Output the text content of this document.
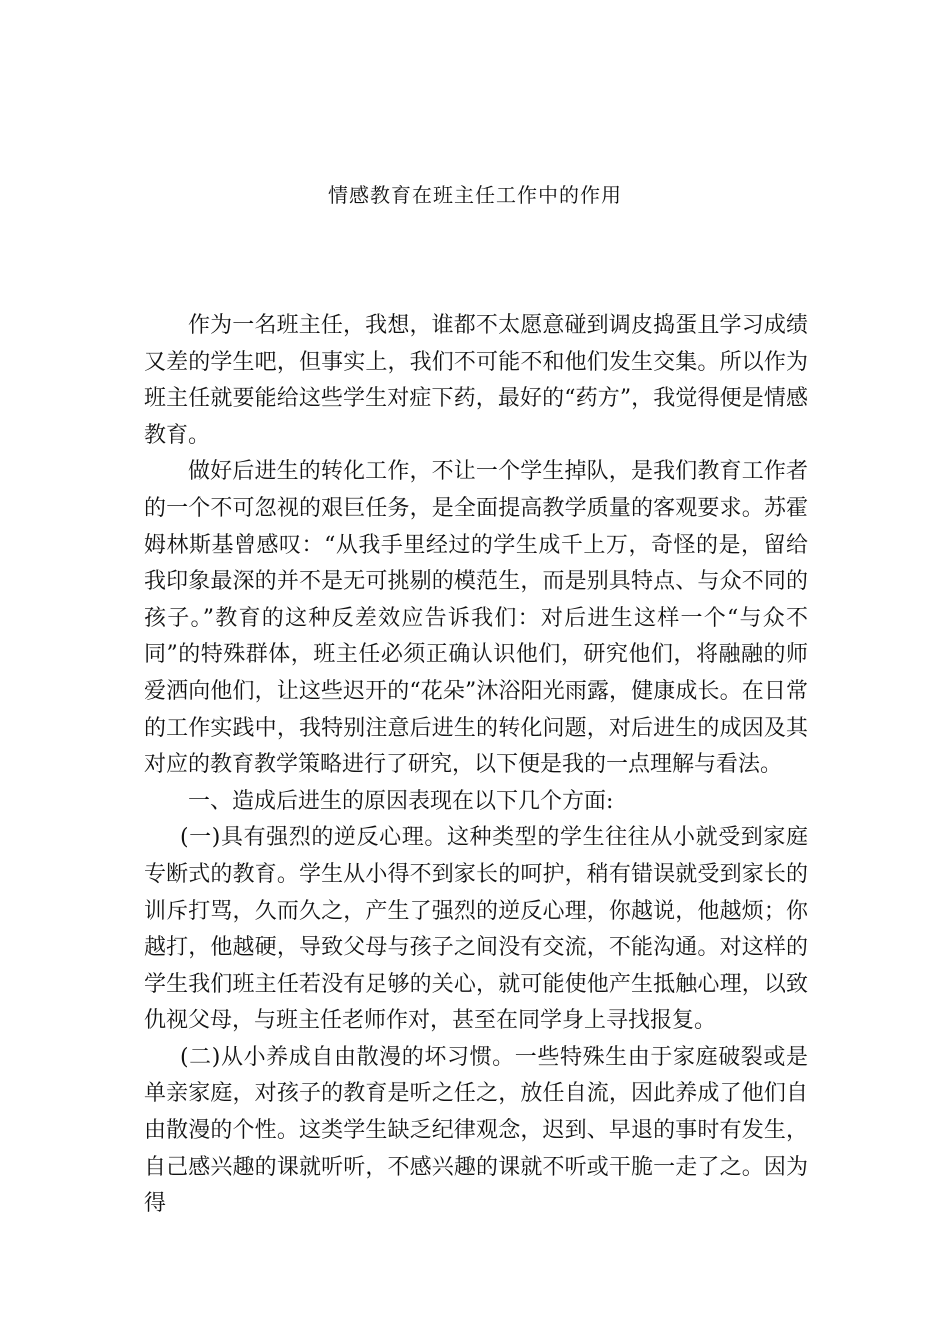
情感教育在班主任工作中的作用

作为一名班主任，我想，谁都不太愿意碰到调皮捣蛋且学习成绩又差的学生吧，但事实上，我们不可能不和他们发生交集。所以作为班主任就要能给这些学生对症下药，最好的“药方”，我觉得便是情感教育。

做好后进生的转化工作，不让一个学生掉队，是我们教育工作者的一个不可忽视的艰巨任务，是全面提高教学质量的客观要求。苏霍姆林斯基曾感叹：“从我手里经过的学生成千上万，奇怪的是，留给我印象最深的并不是无可挑剔的模范生，而是别具特点、与众不同的孩子。”教育的这种反差效应告诉我们：对后进生这样一个“与众不同”的特殊群体，班主任必须正确认识他们，研究他们，将融融的师爱洒向他们，让这些迟开的“花朵”沐浴阳光雨露，健康成长。在日常的工作实践中，我特别注意后进生的转化问题，对后进生的成因及其对应的教育教学策略进行了研究，以下便是我的一点理解与看法。

一、造成后进生的原因表现在以下几个方面:

(一)具有强烈的逆反心理。这种类型的学生往往从小就受到家庭专断式的教育。学生从小得不到家长的呵护，稍有错误就受到家长的训斥打骂，久而久之，产生了强烈的逆反心理，你越说，他越烦；你越打，他越硬，导致父母与孩子之间没有交流，不能沟通。对这样的学生我们班主任若没有足够的关心，就可能使他产生抵触心理，以致仇视父母，与班主任老师作对，甚至在同学身上寻找报复。

(二)从小养成自由散漫的坏习惯。一些特殊生由于家庭破裂或是单亲家庭，对孩子的教育是听之任之，放任自流，因此养成了他们自由散漫的个性。这类学生缺乏纪律观念，迟到、早退的事时有发生，自己感兴趣的课就听听，不感兴趣的课就不听或干脆一走了之。因为得
